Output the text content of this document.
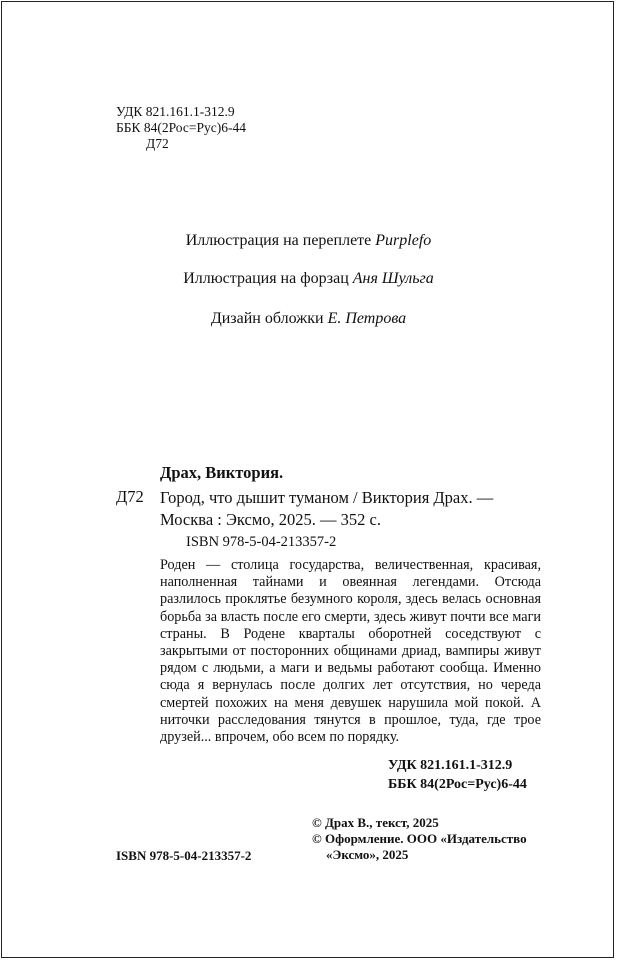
УДК 821.161.1-312.9
ББК 84(2Рос=Рус)6-44
Д72
Иллюстрация на переплете Purplefo
Иллюстрация на форзац Аня Шульга
Дизайн обложки Е. Петрова
Драх, Виктория.
Д72 Город, что дышит туманом / Виктория Драх. —
Москва : Эксмо, 2025. — 352 с.
ISBN 978-5-04-213357-2
Роден — столица государства, величественная, красивая, наполненная тайнами и овеянная легендами. Отсюда разлилось проклятье безумного короля, здесь велась основная борьба за власть после его смерти, здесь живут почти все маги страны. В Родене кварталы оборотней соседствуют с закрытыми от посторонних общинами дриад, вампиры живут рядом с людьми, а маги и ведьмы работают сообща. Именно сюда я вернулась после долгих лет отсутствия, но череда смертей похожих на меня девушек нарушила мой покой. А ниточки расследования тянутся в прошлое, туда, где трое друзей... впрочем, обо всем по порядку.
УДК 821.161.1-312.9
ББК 84(2Рос=Рус)6-44
© Драх В., текст, 2025
© Оформление. ООО «Издательство
«Эксмо», 2025
ISBN 978-5-04-213357-2
